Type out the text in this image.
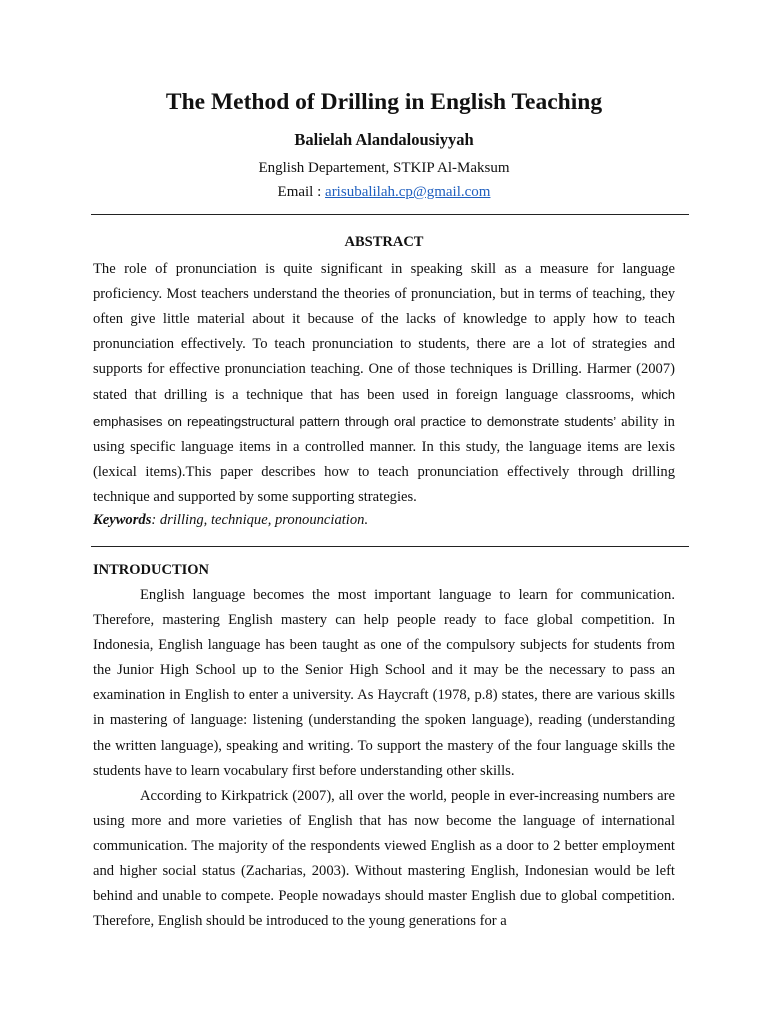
The Method of Drilling in English Teaching
Balielah Alandalousiyyah
English Departement, STKIP Al-Maksum
Email : arisubalilah.cp@gmail.com
ABSTRACT

The role of pronunciation is quite significant in speaking skill as a measure for language proficiency. Most teachers understand the theories of pronunciation, but in terms of teaching, they often give little material about it because of the lacks of knowledge to apply how to teach pronunciation effectively. To teach pronunciation to students, there are a lot of strategies and supports for effective pronunciation teaching. One of those techniques is Drilling. Harmer (2007) stated that drilling is a technique that has been used in foreign language classrooms, which emphasises on repeatingstructural pattern through oral practice to demonstrate students’ ability in using specific language items in a controlled manner. In this study, the language items are lexis (lexical items).This paper describes how to teach pronunciation effectively through drilling technique and supported by some supporting strategies.

Keywords: drilling, technique, pronounciation.
INTRODUCTION

English language becomes the most important language to learn for communication. Therefore, mastering English mastery can help people ready to face global competition. In Indonesia, English language has been taught as one of the compulsory subjects for students from the Junior High School up to the Senior High School and it may be the necessary to pass an examination in English to enter a university. As Haycraft (1978, p.8) states, there are various skills in mastering of language: listening (understanding the spoken language), reading (understanding the written language), speaking and writing. To support the mastery of the four language skills the students have to learn vocabulary first before understanding other skills.

According to Kirkpatrick (2007), all over the world, people in ever-increasing numbers are using more and more varieties of English that has now become the language of international communication. The majority of the respondents viewed English as a door to 2 better employment and higher social status (Zacharias, 2003). Without mastering English, Indonesian would be left behind and unable to compete. People nowadays should master English due to global competition. Therefore, English should be introduced to the young generations for a
